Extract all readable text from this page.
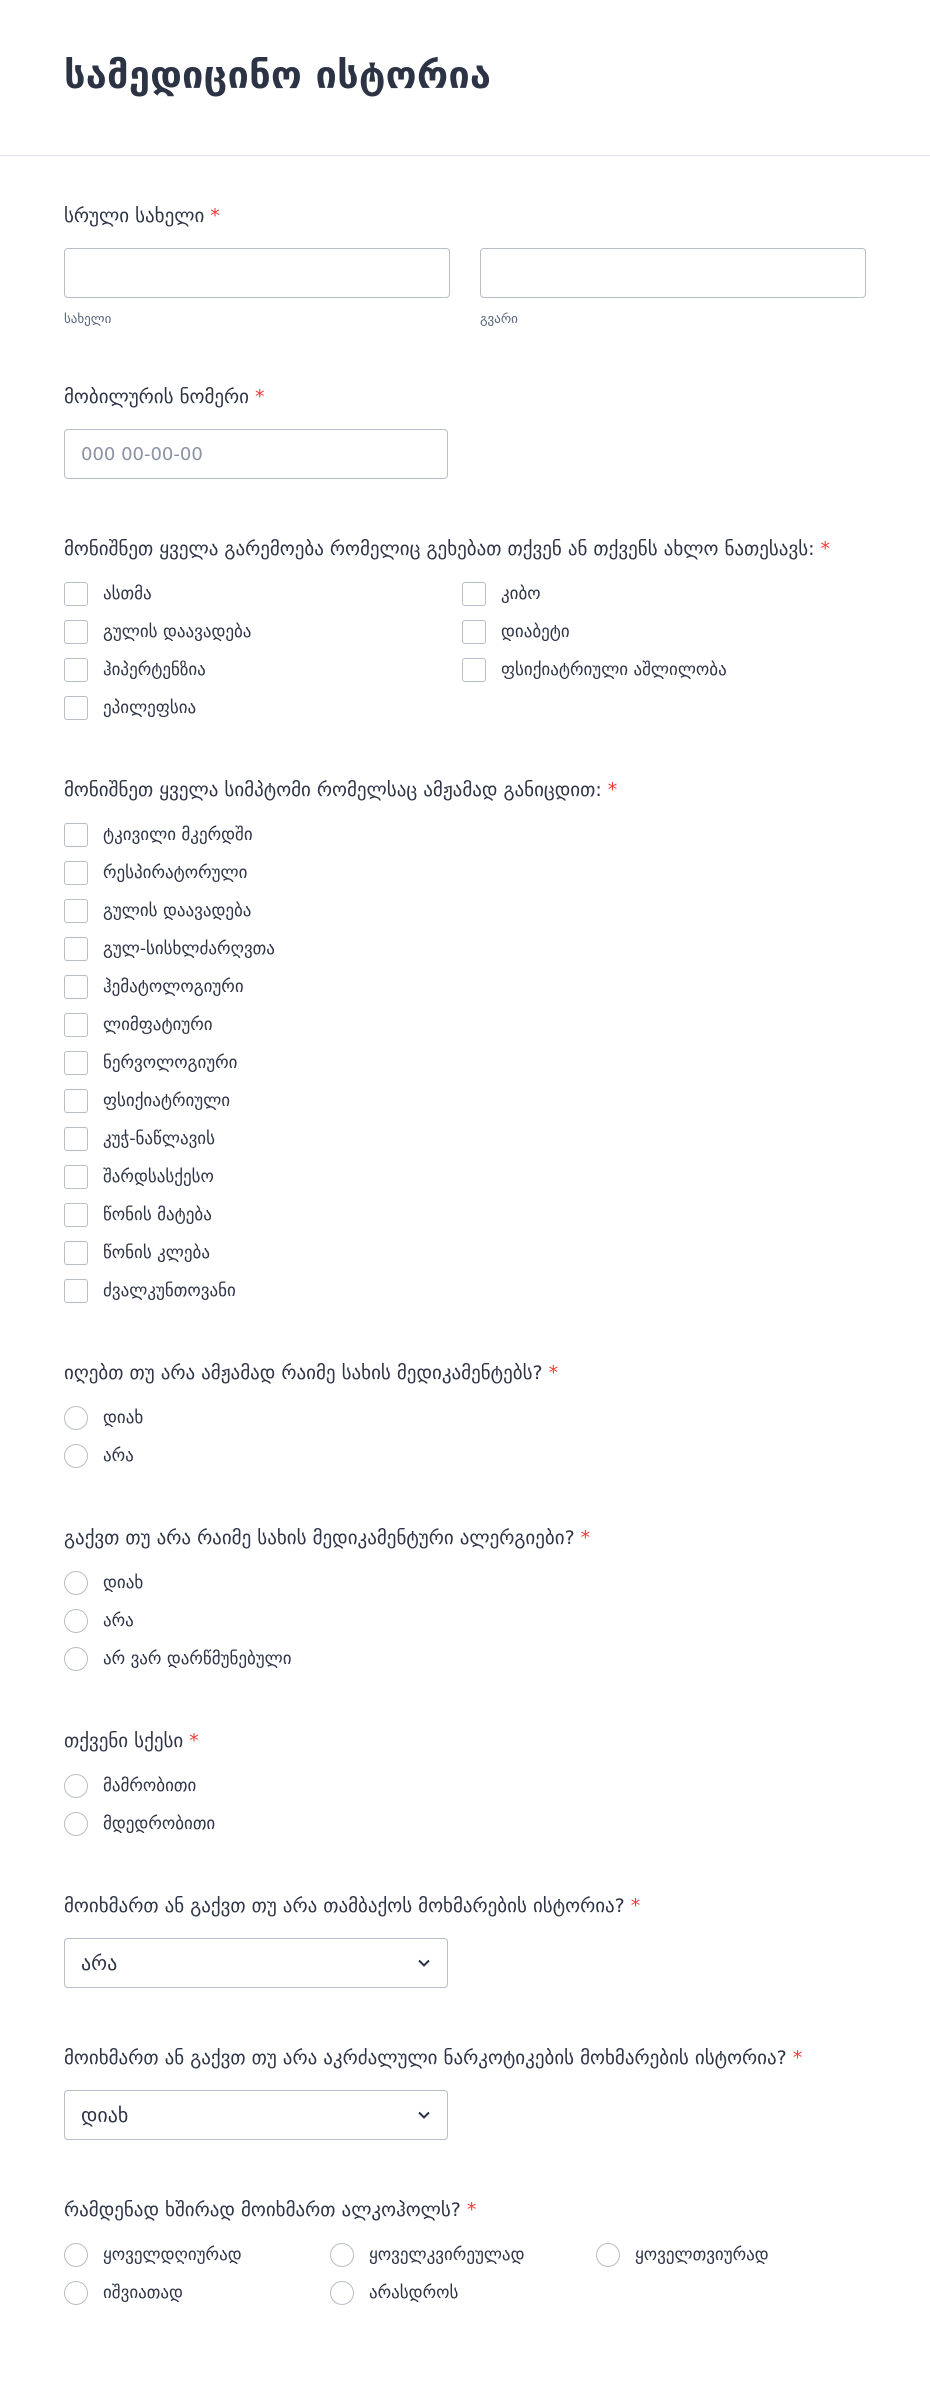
სამედიცინო ისტორია
სრული სახელი *
სახელი	გვარი
მობილურის ნომერი *
000 00-00-00
მონიშნეთ ყველა გარემოება რომელიც გეხებათ თქვენ ან თქვენს ახლო ნათესავს: *
ასთმა	კიბო
გულის დაავადება	დიაბეტი
ჰიპერტენზია	ფსიქიატრიული აშლილობა
ეპილეფსია
მონიშნეთ ყველა სიმპტომი რომელსაც ამჟამად განიცდით: *
ტკივილი მკერდში
რესპირატორული
გულის დაავადება
გულ-სისხლძარღვთა
ჰემატოლოგიური
ლიმფატიური
ნერვოლოგიური
ფსიქიატრიული
კუჭ-ნაწლავის
შარდსასქესო
წონის მატება
წონის კლება
ძვალკუნთოვანი
იღებთ თუ არა ამჟამად რაიმე სახის მედიკამენტებს? *
დიახ
არა
გაქვთ თუ არა რაიმე სახის მედიკამენტური ალერგიები? *
დიახ
არა
არ ვარ დარწმუნებული
თქვენი სქესი *
მამრობითი
მდედრობითი
მოიხმართ ან გაქვთ თუ არა თამბაქოს მოხმარების ისტორია? *
არა
მოიხმართ ან გაქვთ თუ არა აკრძალული ნარკოტიკების მოხმარების ისტორია? *
დიახ
რამდენად ხშირად მოიხმართ ალკოჰოლს? *
ყოველდღიურად	ყოველკვირეულად	ყოველთვიურად
იშვიათად	არასდროს
